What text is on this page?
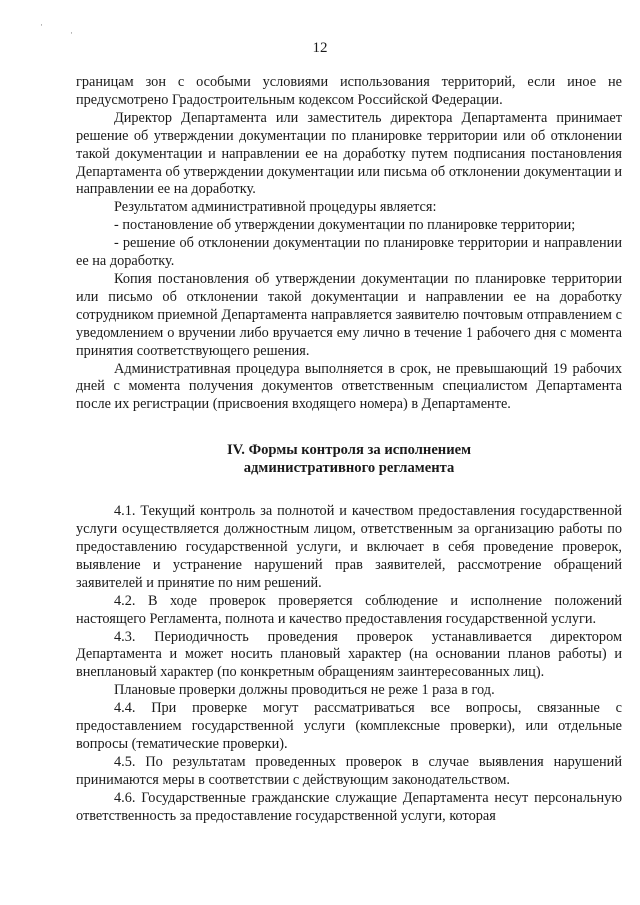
·
·
12

границам зон с особыми условиями использования территорий, если иное не предусмотрено Градостроительным кодексом Российской Федерации.

Директор Департамента или заместитель директора Департамента принимает решение об утверждении документации по планировке территории или об отклонении такой документации и направлении ее на доработку путем подписания постановления Департамента об утверждении документации или письма об отклонении документации и направлении ее на доработку.

Результатом административной процедуры является:

- постановление об утверждении документации по планировке территории;

- решение об отклонении документации по планировке территории и направлении ее на доработку.

Копия постановления об утверждении документации по планировке территории или письмо об отклонении такой документации и направлении ее на доработку сотрудником приемной Департамента направляется заявителю почтовым отправлением с уведомлением о вручении либо вручается ему лично в течение 1 рабочего дня с момента принятия соответствующего решения.

Административная процедура выполняется в срок, не превышающий 19 рабочих дней с момента получения документов ответственным специалистом Департамента после их регистрации (присвоения входящего номера) в Департаменте.

IV. Формы контроля за исполнением
административного регламента

4.1. Текущий контроль за полнотой и качеством предоставления государственной услуги осуществляется должностным лицом, ответственным за организацию работы по предоставлению государственной услуги, и включает в себя проведение проверок, выявление и устранение нарушений прав заявителей, рассмотрение обращений заявителей и принятие по ним решений.

4.2. В ходе проверок проверяется соблюдение и исполнение положений настоящего Регламента, полнота и качество предоставления государственной услуги.

4.3. Периодичность проведения проверок устанавливается директором Департамента и может носить плановый характер (на основании планов работы) и внеплановый характер (по конкретным обращениям заинтересованных лиц).

Плановые проверки должны проводиться не реже 1 раза в год.

4.4. При проверке могут рассматриваться все вопросы, связанные с предоставлением государственной услуги (комплексные проверки), или отдельные вопросы (тематические проверки).

4.5. По результатам проведенных проверок в случае выявления нарушений принимаются меры в соответствии с действующим законодательством.

4.6. Государственные гражданские служащие Департамента несут персональную ответственность за предоставление государственной услуги, которая
